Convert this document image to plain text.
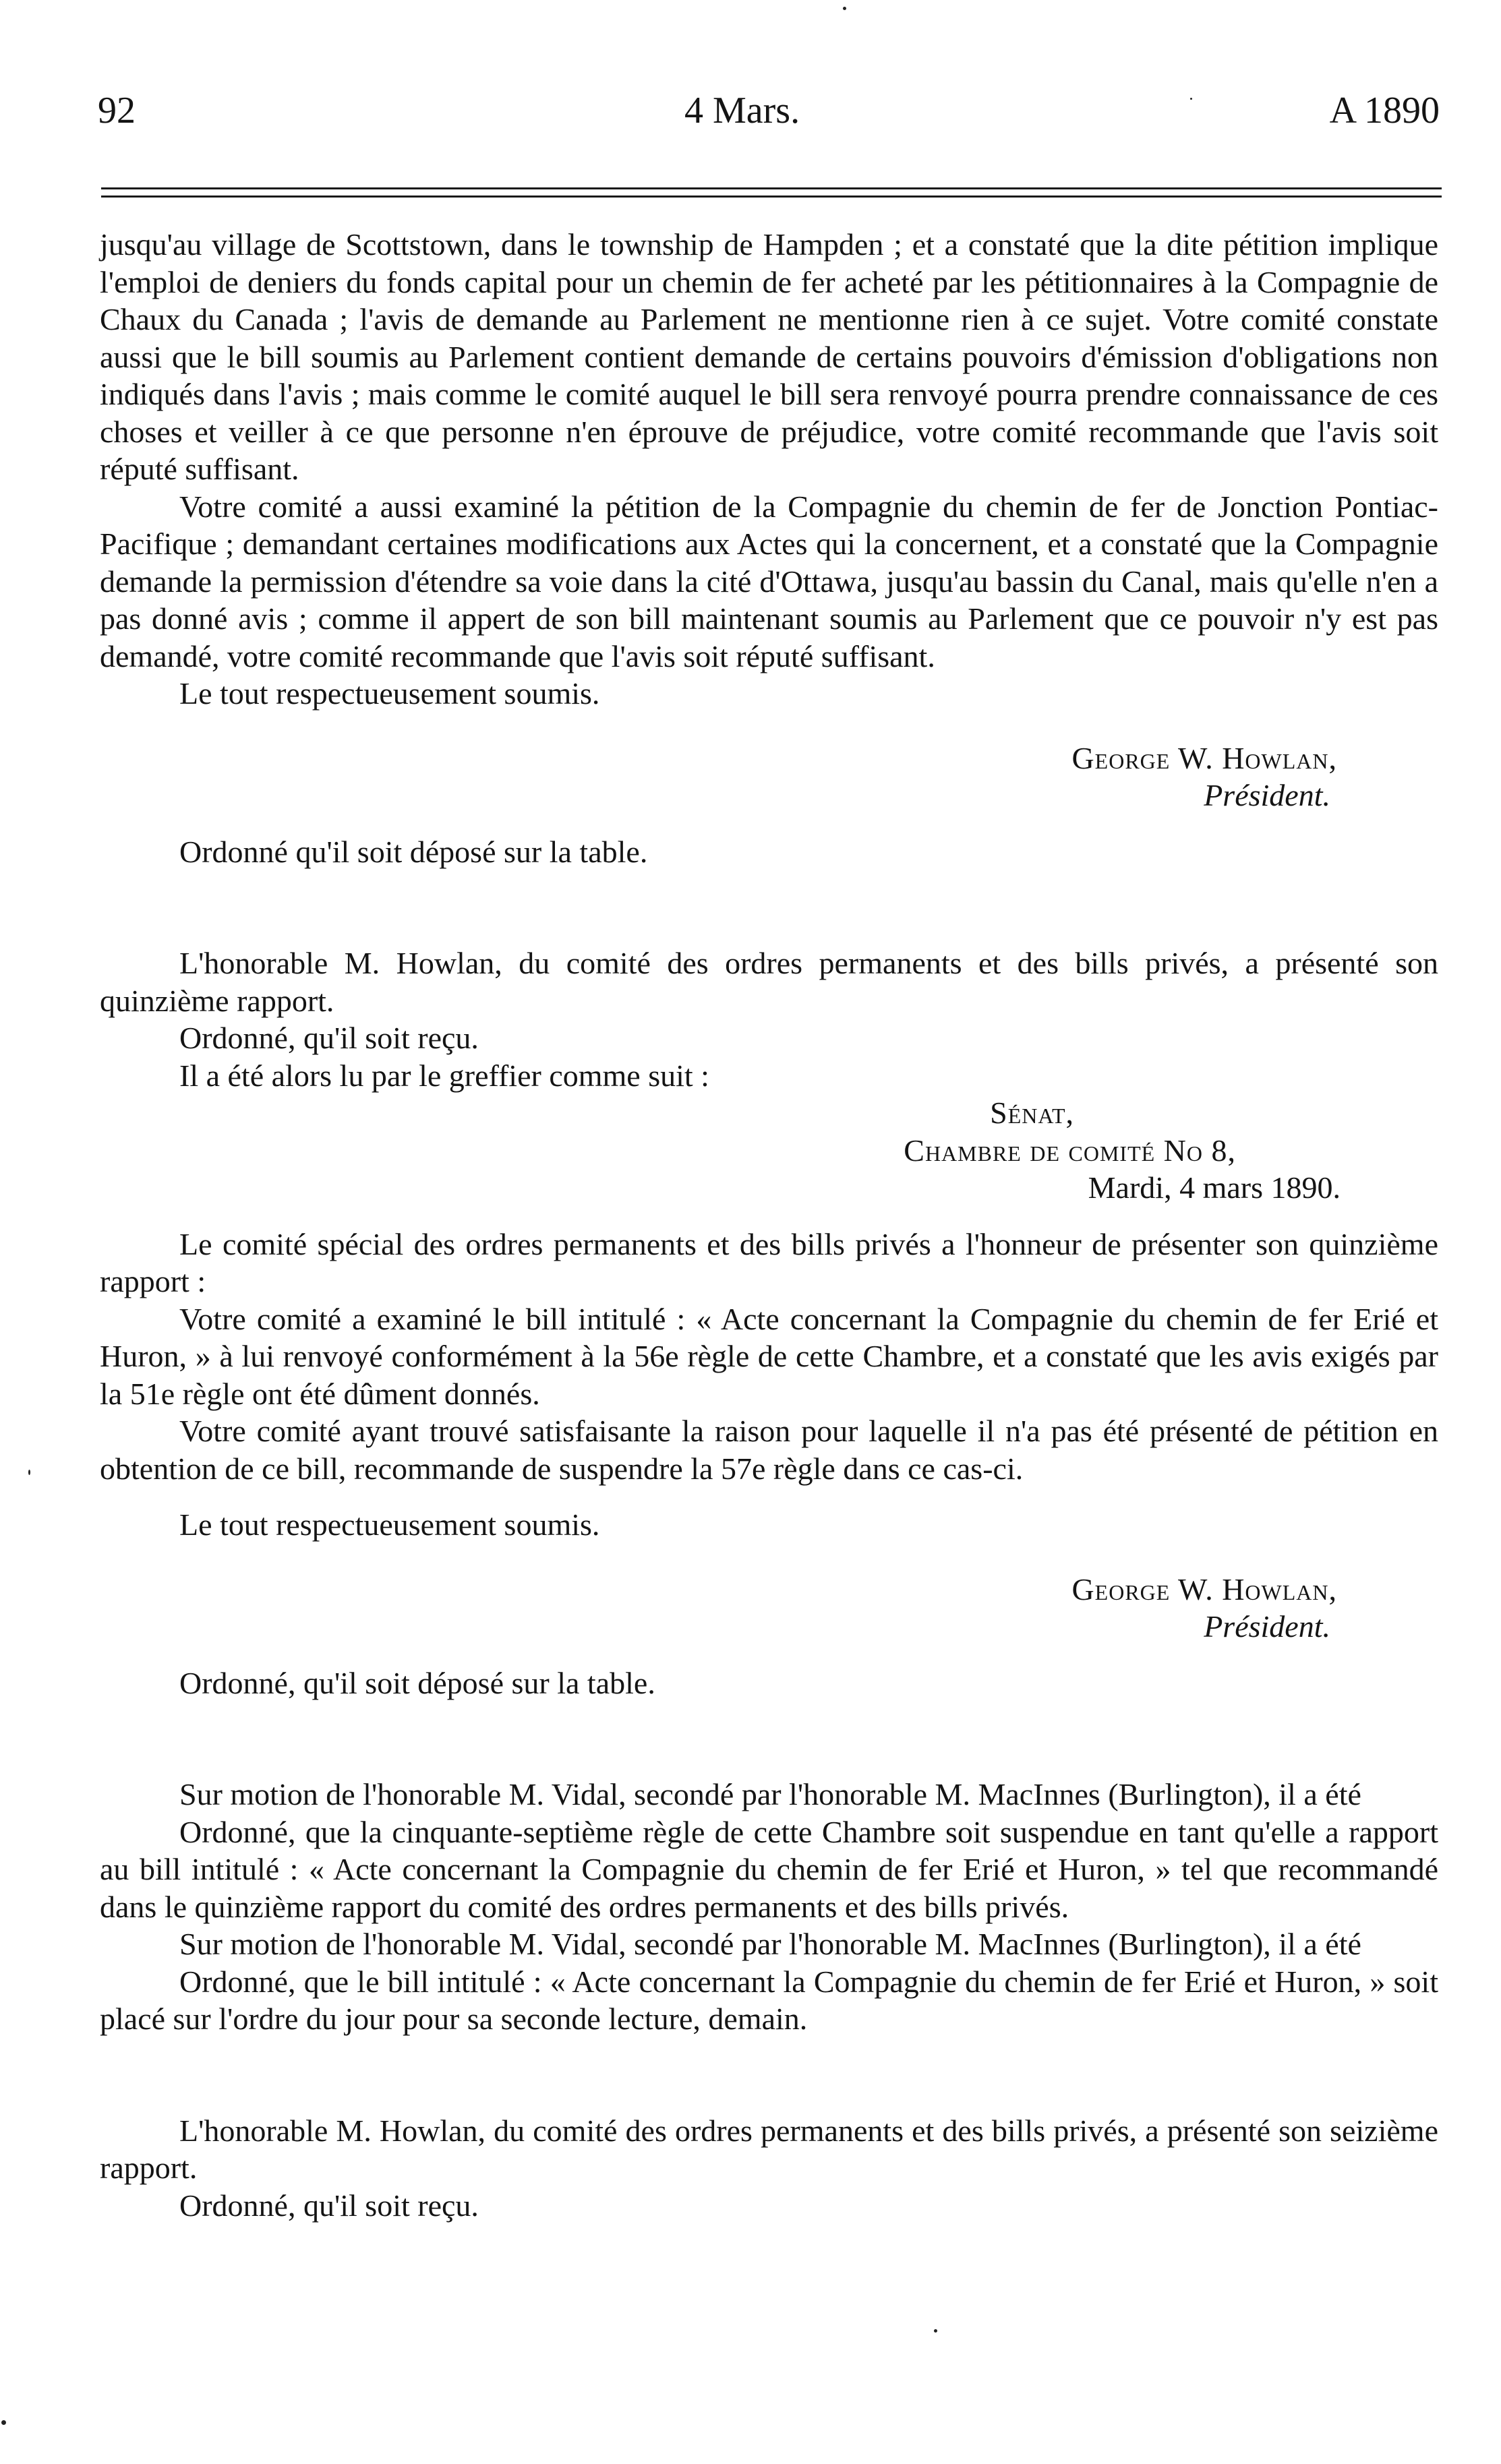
92	4 Mars.	A 1890

jusqu'au village de Scottstown, dans le township de Hampden ; et a constaté que la dite pétition implique l'emploi de deniers du fonds capital pour un chemin de fer acheté par les pétitionnaires à la Compagnie de Chaux du Canada ; l'avis de demande au Parlement ne mentionne rien à ce sujet. Votre comité constate aussi que le bill soumis au Parlement contient demande de certains pouvoirs d'émission d'obligations non indiqués dans l'avis ; mais comme le comité auquel le bill sera renvoyé pourra prendre connaissance de ces choses et veiller à ce que personne n'en éprouve de préjudice, votre comité recommande que l'avis soit réputé suffisant.

Votre comité a aussi examiné la pétition de la Compagnie du chemin de fer de Jonction Pontiac-Pacifique ; demandant certaines modifications aux Actes qui la concernent, et a constaté que la Compagnie demande la permission d'étendre sa voie dans la cité d'Ottawa, jusqu'au bassin du Canal, mais qu'elle n'en a pas donné avis ; comme il appert de son bill maintenant soumis au Parlement que ce pouvoir n'y est pas demandé, votre comité recommande que l'avis soit réputé suffisant.

Le tout respectueusement soumis.

George W. Howlan,

Président.

Ordonné qu'il soit déposé sur la table.

L'honorable M. Howlan, du comité des ordres permanents et des bills privés, a présenté son quinzième rapport.

Ordonné, qu'il soit reçu.

Il a été alors lu par le greffier comme suit :

Sénat,

Chambre de comité No 8,

Mardi, 4 mars 1890.

Le comité spécial des ordres permanents et des bills privés a l'honneur de présenter son quinzième rapport :

Votre comité a examiné le bill intitulé : « Acte concernant la Compagnie du chemin de fer Erié et Huron, » à lui renvoyé conformément à la 56e règle de cette Chambre, et a constaté que les avis exigés par la 51e règle ont été dûment donnés.

Votre comité ayant trouvé satisfaisante la raison pour laquelle il n'a pas été présenté de pétition en obtention de ce bill, recommande de suspendre la 57e règle dans ce cas-ci.

Le tout respectueusement soumis.

George W. Howlan,

Président.

Ordonné, qu'il soit déposé sur la table.

Sur motion de l'honorable M. Vidal, secondé par l'honorable M. MacInnes (Burlington), il a été

Ordonné, que la cinquante-septième règle de cette Chambre soit suspendue en tant qu'elle a rapport au bill intitulé : « Acte concernant la Compagnie du chemin de fer Erié et Huron, » tel que recommandé dans le quinzième rapport du comité des ordres permanents et des bills privés.

Sur motion de l'honorable M. Vidal, secondé par l'honorable M. MacInnes (Burlington), il a été

Ordonné, que le bill intitulé : « Acte concernant la Compagnie du chemin de fer Erié et Huron, » soit placé sur l'ordre du jour pour sa seconde lecture, demain.

L'honorable M. Howlan, du comité des ordres permanents et des bills privés, a présenté son seizième rapport.

Ordonné, qu'il soit reçu.
